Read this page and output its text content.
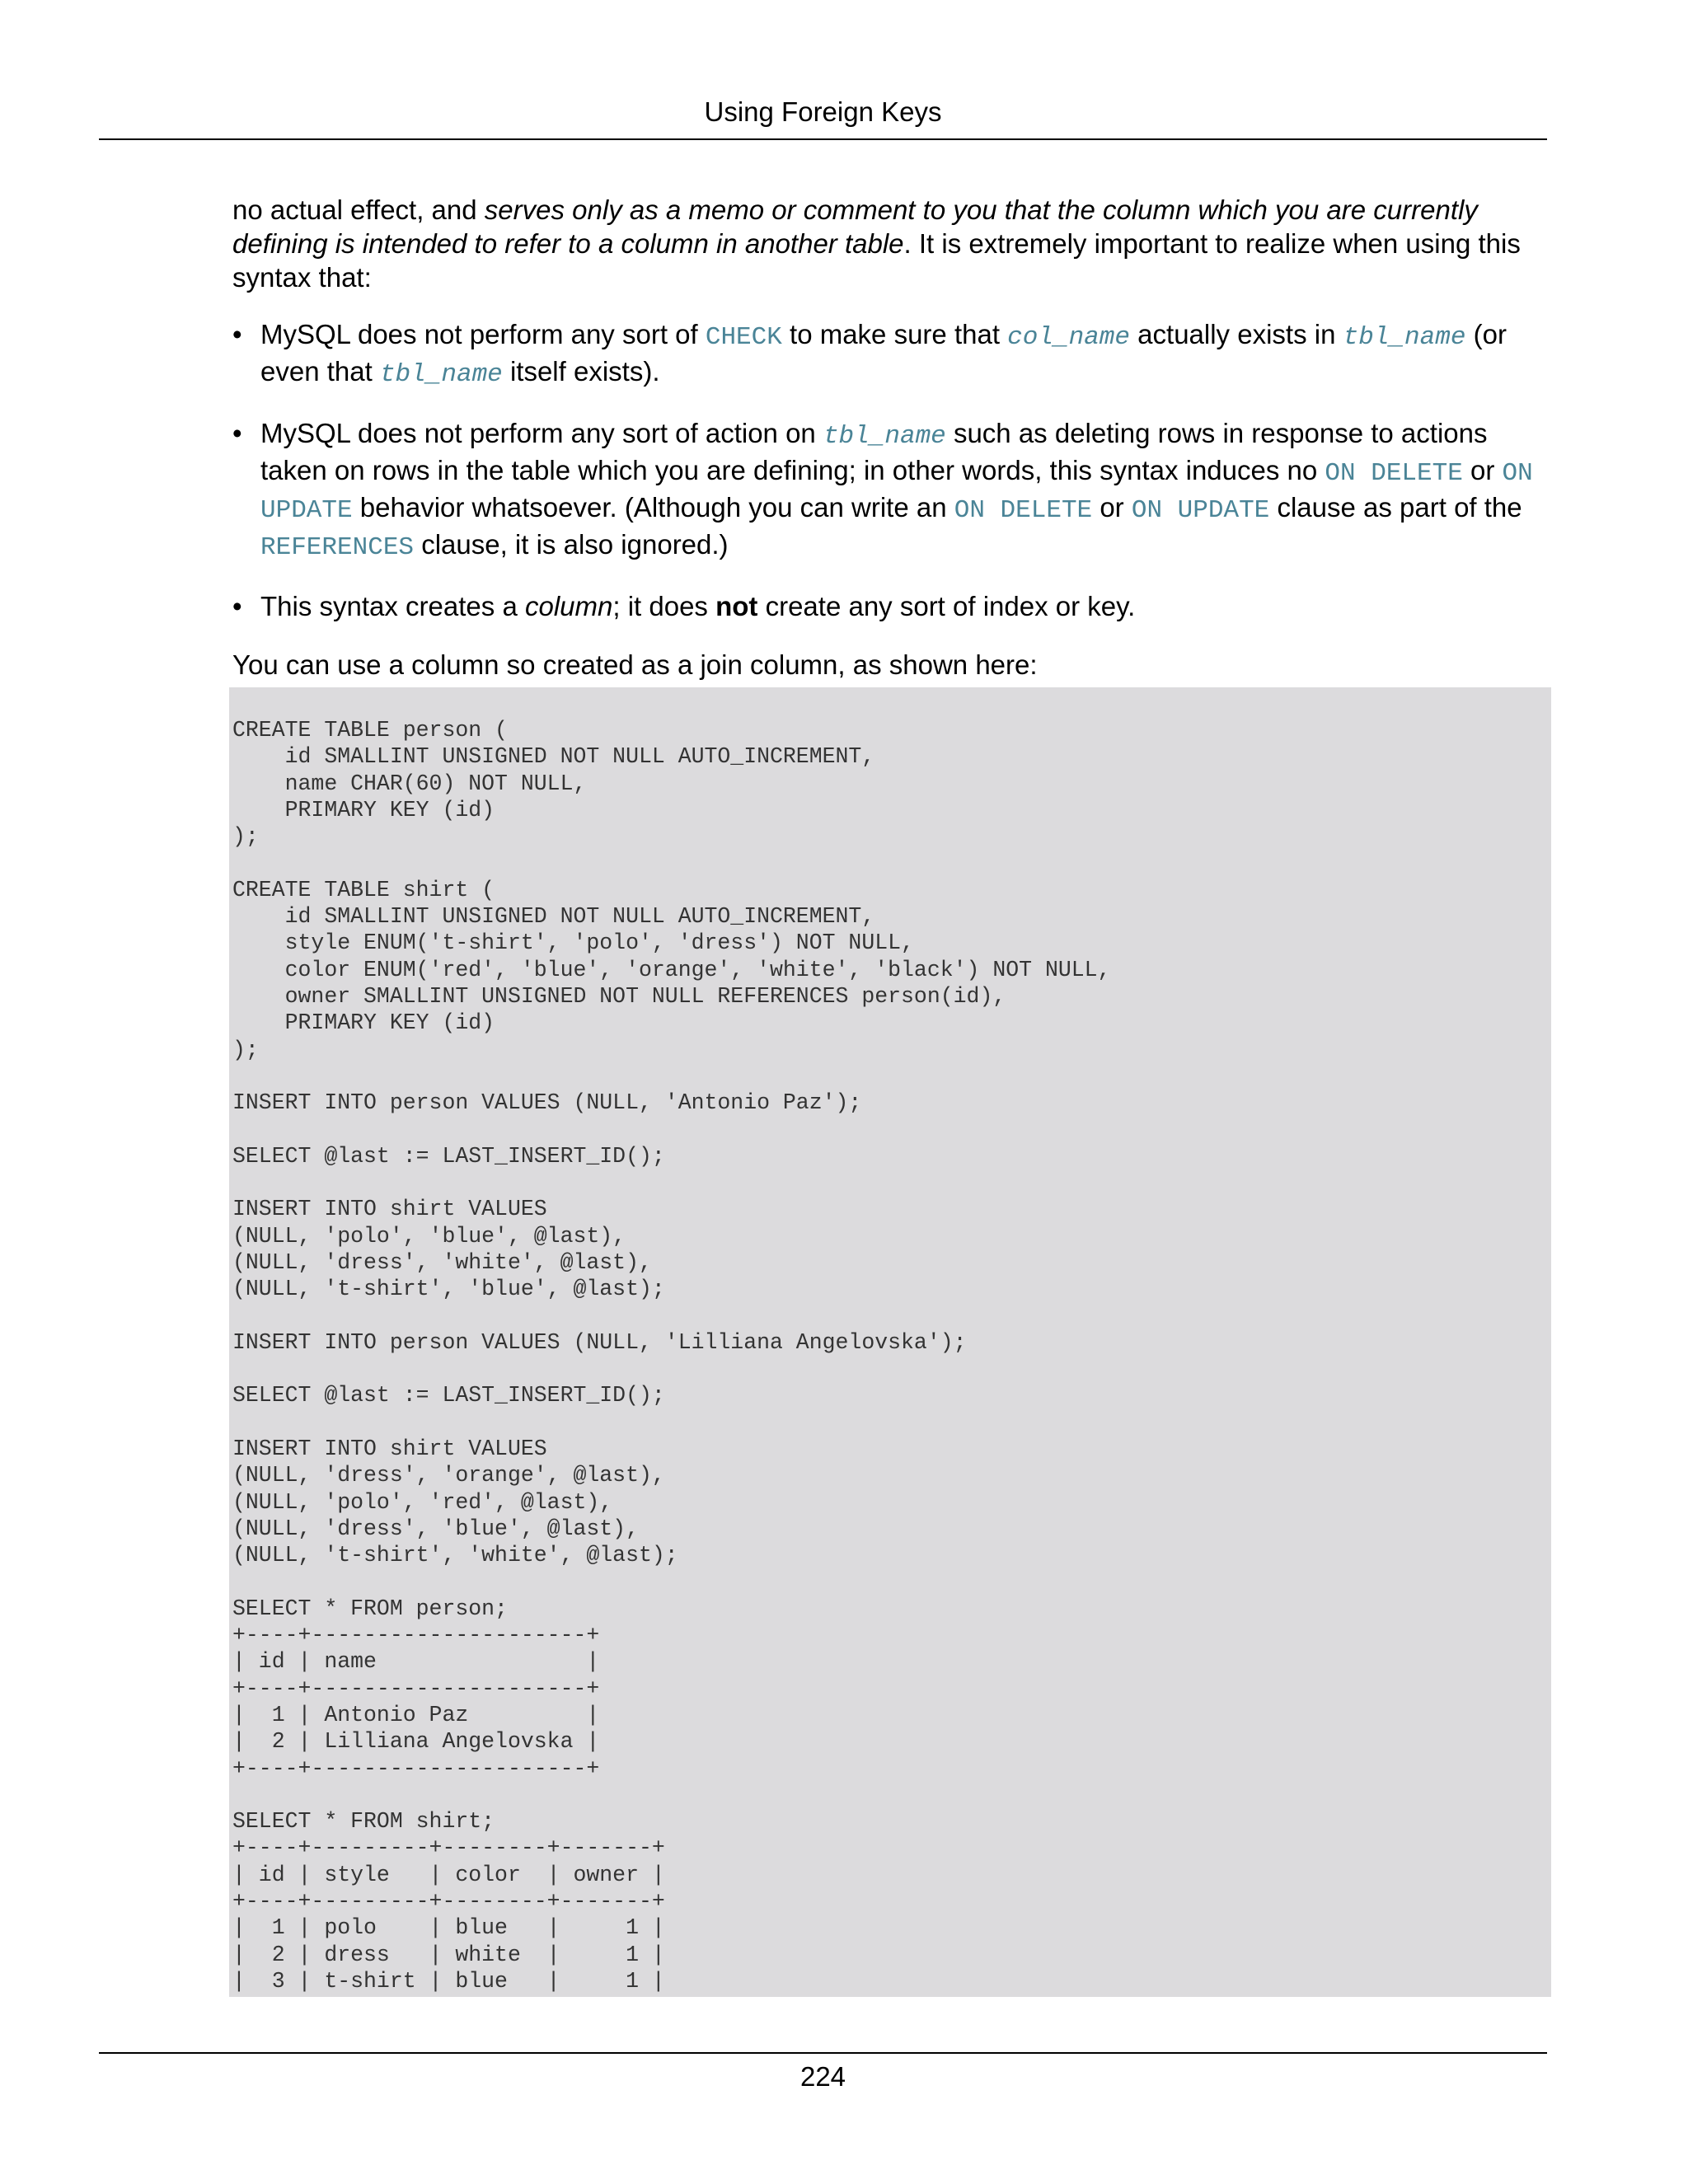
Using Foreign Keys

no actual effect, and serves only as a memo or comment to you that the column which you are currently defining is intended to refer to a column in another table. It is extremely important to realize when using this syntax that:

• MySQL does not perform any sort of CHECK to make sure that col_name actually exists in tbl_name (or even that tbl_name itself exists).
• MySQL does not perform any sort of action on tbl_name such as deleting rows in response to actions taken on rows in the table which you are defining; in other words, this syntax induces no ON DELETE or ON UPDATE behavior whatsoever. (Although you can write an ON DELETE or ON UPDATE clause as part of the REFERENCES clause, it is also ignored.)
• This syntax creates a column; it does not create any sort of index or key.

You can use a column so created as a join column, as shown here:

CREATE TABLE person (
id SMALLINT UNSIGNED NOT NULL AUTO_INCREMENT,
name CHAR(60) NOT NULL,
PRIMARY KEY (id)
);

CREATE TABLE shirt (
id SMALLINT UNSIGNED NOT NULL AUTO_INCREMENT,
style ENUM('t-shirt', 'polo', 'dress') NOT NULL,
color ENUM('red', 'blue', 'orange', 'white', 'black') NOT NULL,
owner SMALLINT UNSIGNED NOT NULL REFERENCES person(id),
PRIMARY KEY (id)
);

INSERT INTO person VALUES (NULL, 'Antonio Paz');

SELECT @last := LAST_INSERT_ID();

INSERT INTO shirt VALUES
(NULL, 'polo', 'blue', @last),
(NULL, 'dress', 'white', @last),
(NULL, 't-shirt', 'blue', @last);

INSERT INTO person VALUES (NULL, 'Lilliana Angelovska');

SELECT @last := LAST_INSERT_ID();

INSERT INTO shirt VALUES
(NULL, 'dress', 'orange', @last),
(NULL, 'polo', 'red', @last),
(NULL, 'dress', 'blue', @last),
(NULL, 't-shirt', 'white', @last);

SELECT * FROM person;
+----+---------------------+
| id | name                |
+----+---------------------+
|  1 | Antonio Paz         |
|  2 | Lilliana Angelovska |
+----+---------------------+

SELECT * FROM shirt;
+----+---------+--------+-------+
| id | style   | color  | owner |
+----+---------+--------+-------+
|  1 | polo    | blue   |     1 |
|  2 | dress   | white  |     1 |
|  3 | t-shirt | blue   |     1 |
224
